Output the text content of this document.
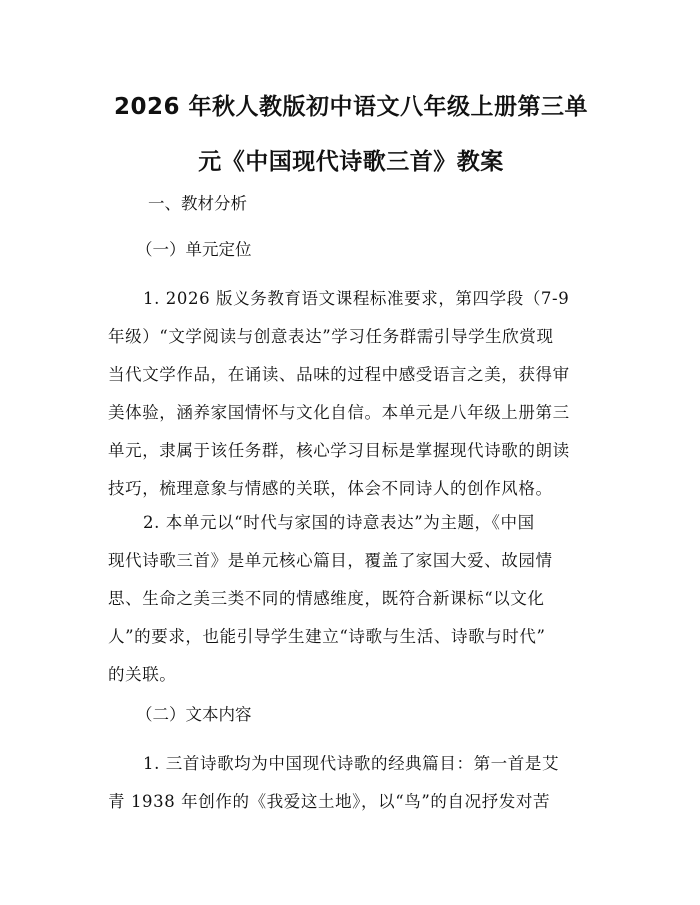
2026 年秋人教版初中语文八年级上册第三单
元《中国现代诗歌三首》教案

一、教材分析

（一）单元定位

1. 2026 版义务教育语文课程标准要求，第四学段（7-9
年级）“文学阅读与创意表达”学习任务群需引导学生欣赏现
当代文学作品，在诵读、品味的过程中感受语言之美，获得审
美体验，涵养家国情怀与文化自信。本单元是八年级上册第三
单元，隶属于该任务群，核心学习目标是掌握现代诗歌的朗读
技巧，梳理意象与情感的关联，体会不同诗人的创作风格。
2. 本单元以“时代与家国的诗意表达”为主题，《中国
现代诗歌三首》是单元核心篇目，覆盖了家国大爱、故园情
思、生命之美三类不同的情感维度，既符合新课标“以文化
人”的要求，也能引导学生建立“诗歌与生活、诗歌与时代”
的关联。

（二）文本内容

1. 三首诗歌均为中国现代诗歌的经典篇目：第一首是艾
青 1938 年创作的《我爱这土地》，以“鸟”的自况抒发对苦
